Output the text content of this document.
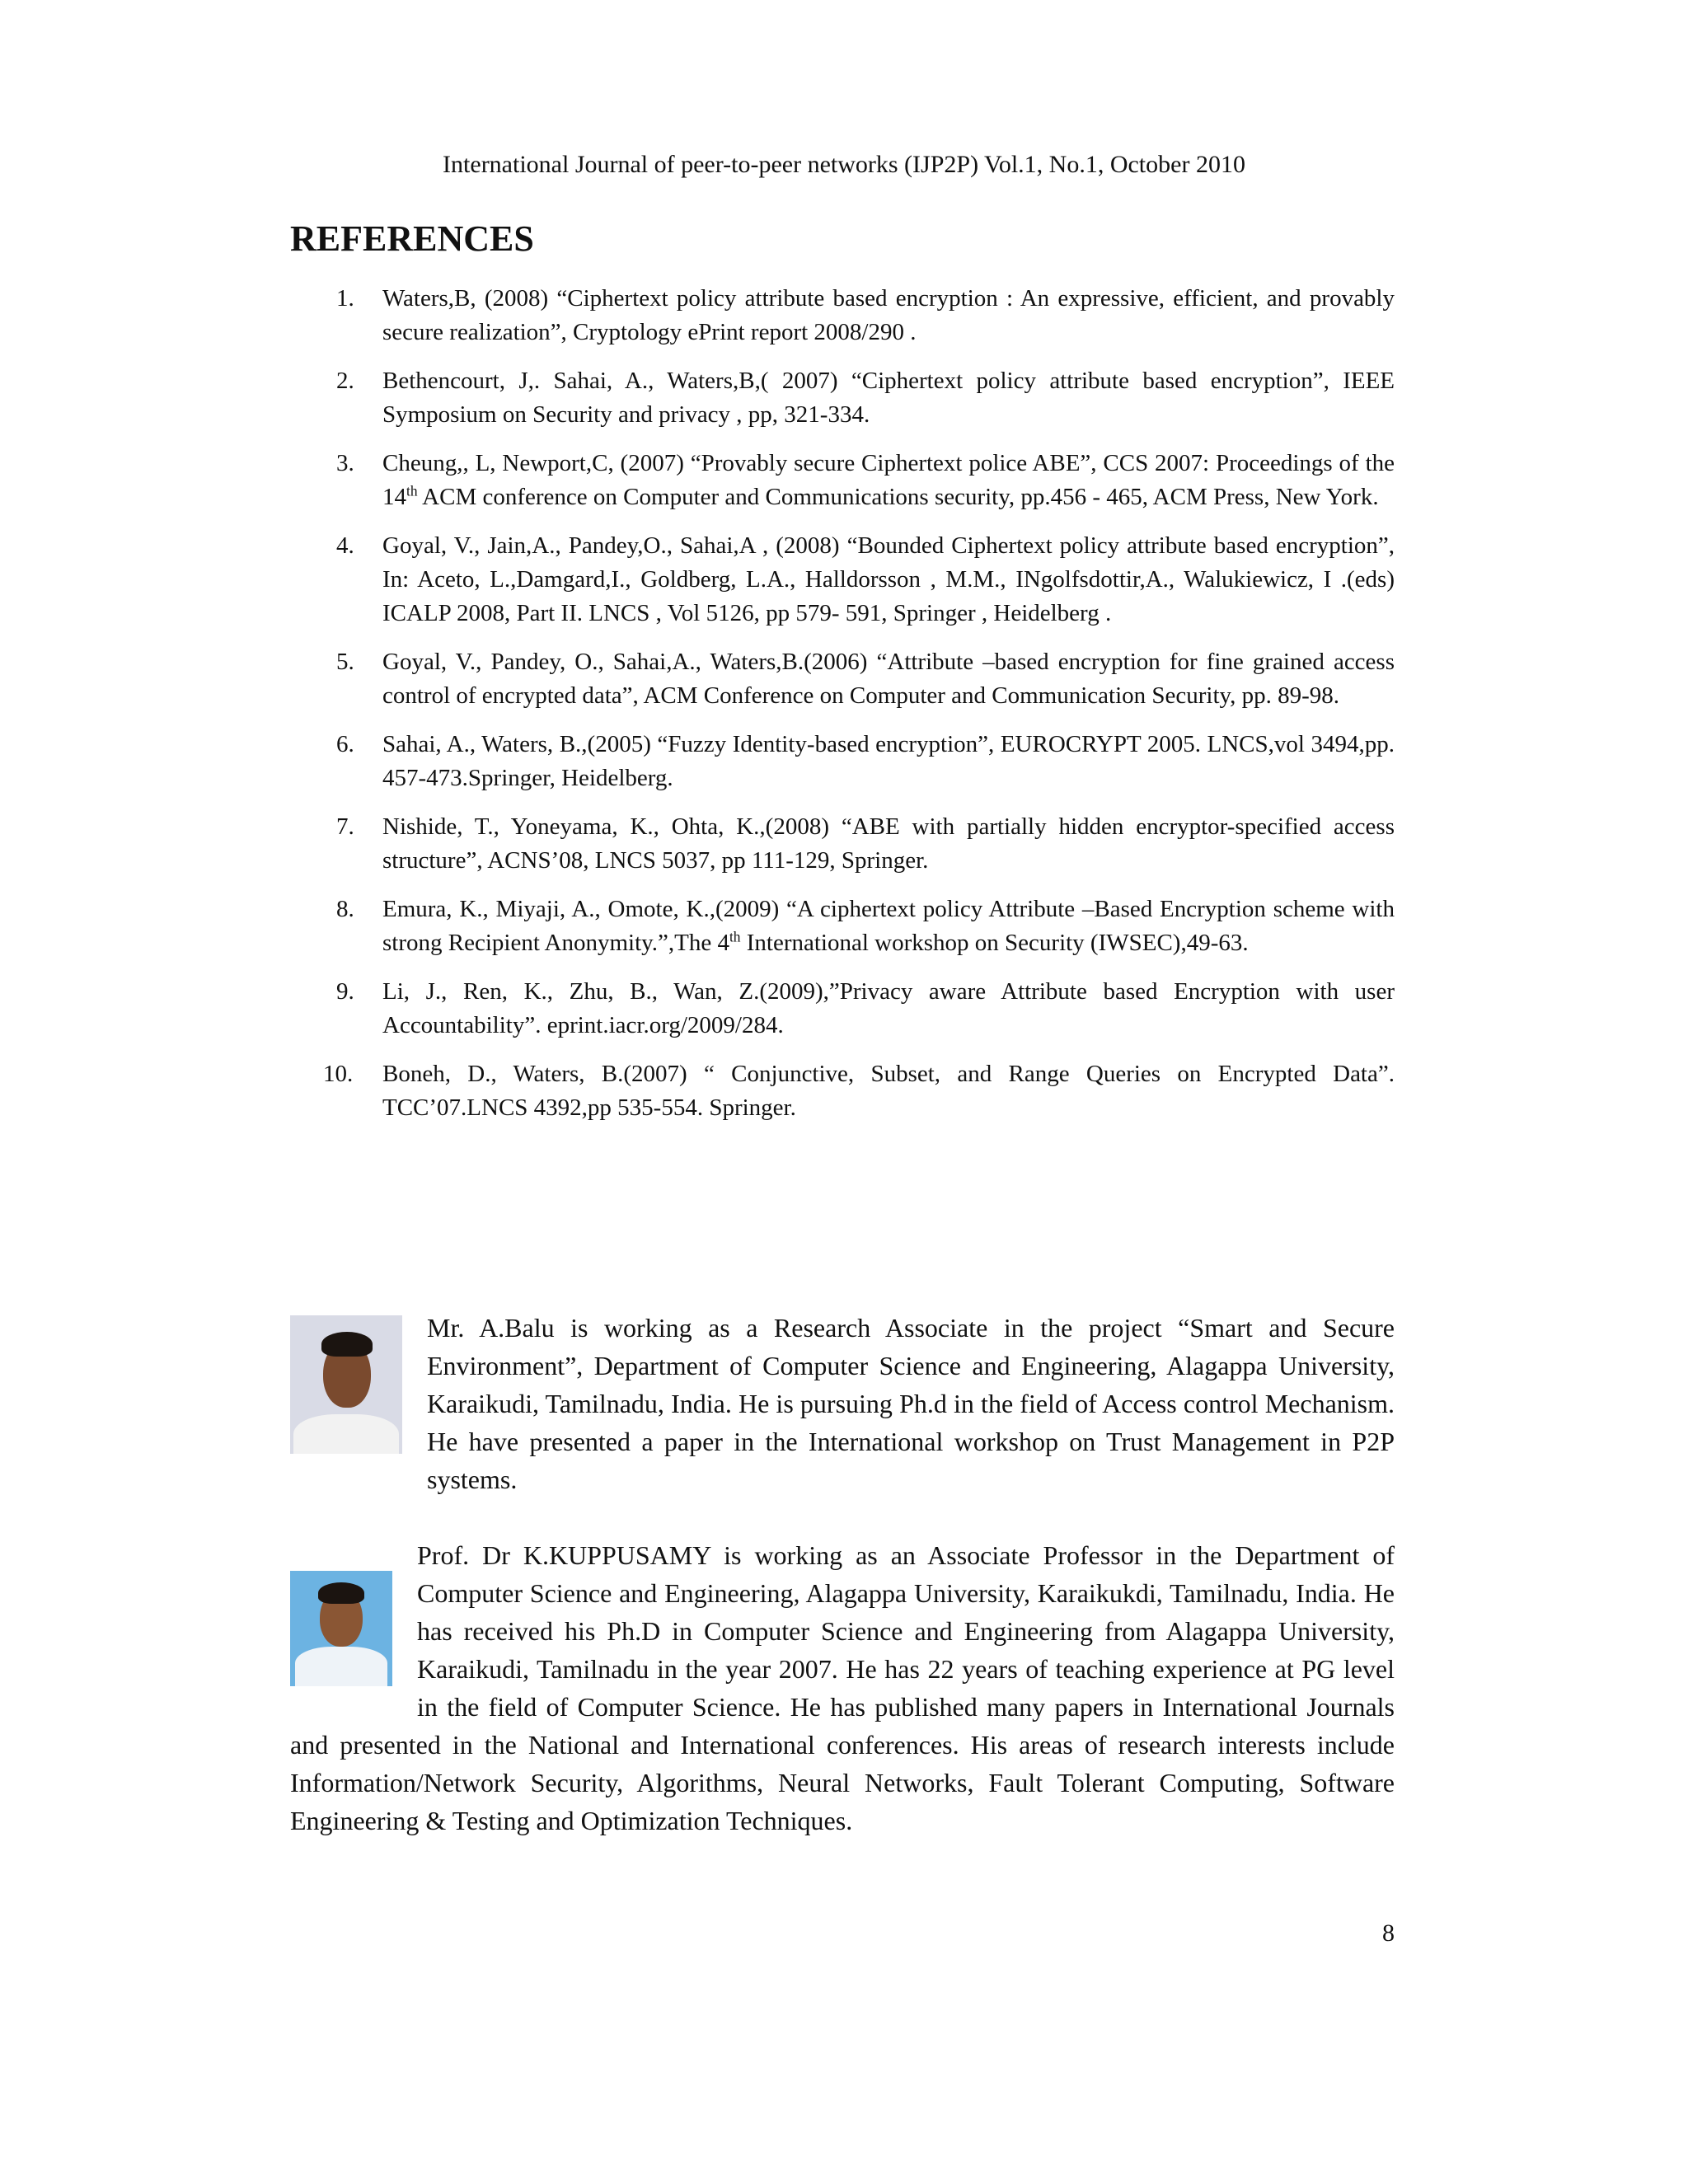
International Journal of peer-to-peer networks (IJP2P) Vol.1, No.1, October 2010
REFERENCES
1. Waters,B, (2008) “Ciphertext policy attribute based encryption : An expressive, efficient, and provably secure realization”, Cryptology ePrint report 2008/290 .
2. Bethencourt, J,. Sahai, A., Waters,B,( 2007) “Ciphertext policy attribute based encryption”, IEEE Symposium on Security and privacy , pp, 321-334.
3. Cheung,, L, Newport,C, (2007) “Provably secure Ciphertext police ABE”, CCS 2007: Proceedings of the 14th ACM conference on Computer and Communications security, pp.456 - 465, ACM Press, New York.
4. Goyal, V., Jain,A., Pandey,O., Sahai,A , (2008) “Bounded Ciphertext policy attribute based encryption”, In: Aceto, L.,Damgard,I., Goldberg, L.A., Halldorsson , M.M., INgolfsdottir,A., Walukiewicz, I .(eds) ICALP 2008, Part II. LNCS , Vol 5126, pp 579- 591, Springer , Heidelberg .
5. Goyal, V., Pandey, O., Sahai,A., Waters,B.(2006) “Attribute –based encryption for fine grained access control of encrypted data”, ACM Conference on Computer and Communication Security, pp. 89-98.
6. Sahai, A., Waters, B.,(2005) “Fuzzy Identity-based encryption”, EUROCRYPT 2005. LNCS,vol 3494,pp. 457-473.Springer, Heidelberg.
7. Nishide, T., Yoneyama, K., Ohta, K.,(2008) “ABE with partially hidden encryptor-specified access structure”, ACNS’08, LNCS 5037, pp 111-129, Springer.
8. Emura, K., Miyaji, A., Omote, K.,(2009) “A ciphertext policy Attribute –Based Encryption scheme with strong Recipient Anonymity.”,The 4th International workshop on Security (IWSEC),49-63.
9. Li, J., Ren, K., Zhu, B., Wan, Z.(2009),”Privacy aware Attribute based Encryption with user Accountability”. eprint.iacr.org/2009/284.
10. Boneh, D., Waters, B.(2007) “ Conjunctive, Subset, and Range Queries on Encrypted Data”. TCC’07.LNCS 4392,pp 535-554. Springer.

Mr. A.Balu is working as a Research Associate in the project “Smart and Secure Environment”, Department of Computer Science and Engineering, Alagappa University, Karaikudi, Tamilnadu, India. He is pursuing Ph.d in the field of Access control Mechanism. He have presented a paper in the International workshop on Trust Management in P2P systems.

Prof. Dr K.KUPPUSAMY is working as an Associate Professor in the Department of Computer Science and Engineering, Alagappa University, Karaikukdi, Tamilnadu, India. He has received his Ph.D in Computer Science and Engineering from Alagappa University, Karaikudi, Tamilnadu in the year 2007. He has 22 years of teaching experience at PG level in the field of Computer Science. He has published many papers in International Journals and presented in the National and International conferences. His areas of research interests include Information/Network Security, Algorithms, Neural Networks, Fault Tolerant Computing, Software Engineering & Testing and Optimization Techniques.

8
